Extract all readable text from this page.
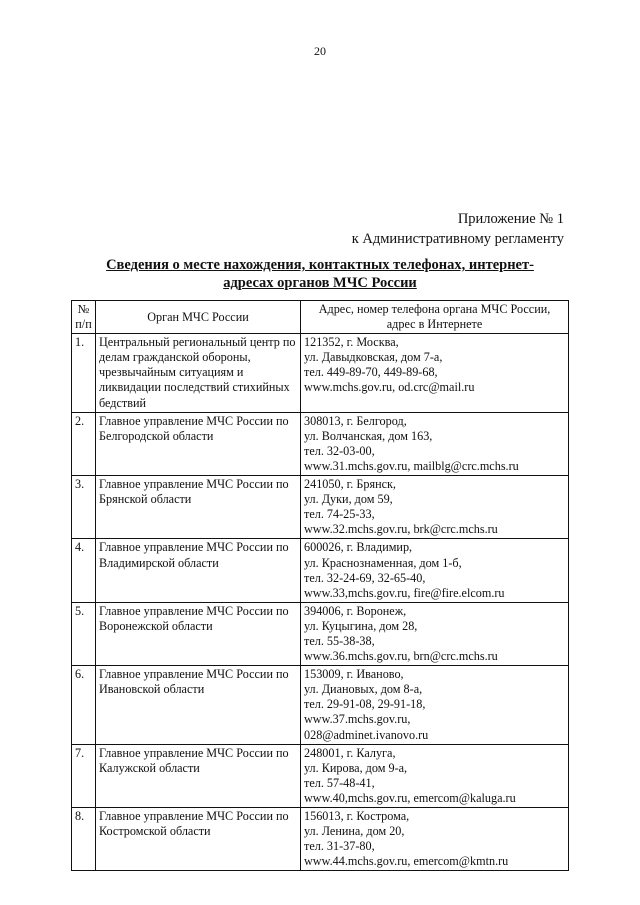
20
Приложение № 1
к Административному регламенту
Сведения о месте нахождения, контактных телефонах, интернет-
адресах органов МЧС России
№ п/п	Орган МЧС России	Адрес, номер телефона органа МЧС России, адрес в Интернете
1.	Центральный региональный центр по делам гражданской обороны, чрезвычайным ситуациям и ликвидации последствий стихийных бедствий	121352, г. Москва,
ул. Давыдковская, дом 7-а,
тел. 449-89-70, 449-89-68,
www.mchs.gov.ru, od.crc@mail.ru

2.	Главное управление МЧС России по Белгородской области	308013, г. Белгород,
ул. Волчанская, дом 163,
тел. 32-03-00,
www.31.mchs.gov.ru, mailblg@crc.mchs.ru

3.	Главное управление МЧС России по Брянской области	241050, г. Брянск,
ул. Дуки, дом 59,
тел. 74-25-33,
www.32.mchs.gov.ru, brk@crc.mchs.ru

4.	Главное управление МЧС России по Владимирской области	600026, г. Владимир,
ул. Краснознаменная, дом 1-б,
тел. 32-24-69, 32-65-40,
www.33,mchs.gov.ru, fire@fire.elcom.ru

5.	Главное управление МЧС России по Воронежской области	394006, г. Воронеж,
ул. Куцыгина, дом 28,
тел. 55-38-38,
www.36.mchs.gov.ru, brn@crc.mchs.ru

6.	Главное управление МЧС России по Ивановской области	153009, г. Иваново,
ул. Диановых, дом 8-а,
тел. 29-91-08, 29-91-18,
www.37.mchs.gov.ru,
028@adminet.ivanovo.ru

7.	Главное управление МЧС России по Калужской области	248001, г. Калуга,
ул. Кирова, дом 9-а,
тел. 57-48-41,
www.40,mchs.gov.ru, emercom@kaluga.ru

8.	Главное управление МЧС России по Костромской области	156013, г. Кострома,
ул. Ленина, дом 20,
тел. 31-37-80,
www.44.mchs.gov.ru, emercom@kmtn.ru
